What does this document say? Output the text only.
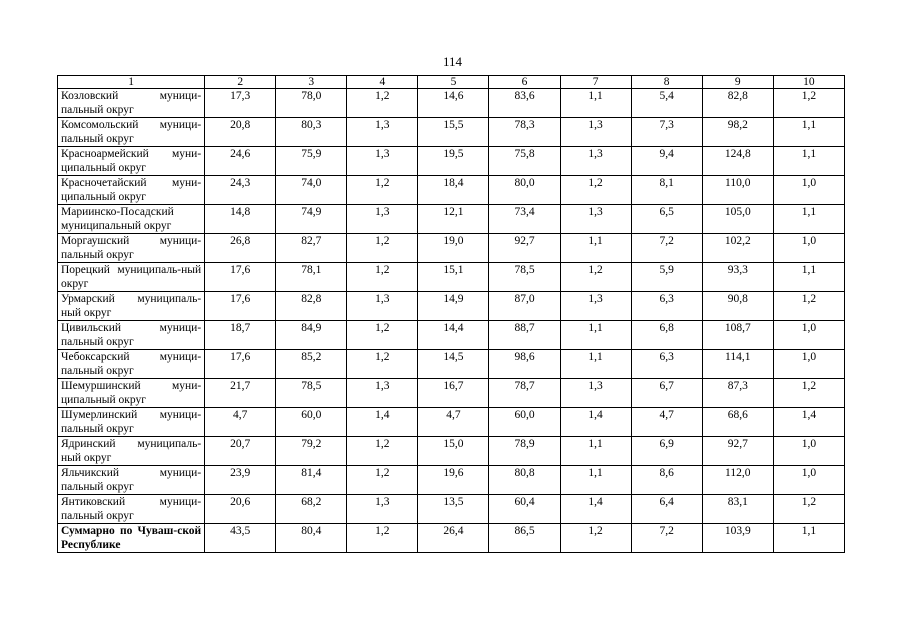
114
1	2	3	4	5	6	7	8	9	10
Козловский муници-пальный округ	17,3	78,0	1,2	14,6	83,6	1,1	5,4	82,8	1,2
Комсомольский муници-пальный округ	20,8	80,3	1,3	15,5	78,3	1,3	7,3	98,2	1,1
Красноармейский муни-ципальный округ	24,6	75,9	1,3	19,5	75,8	1,3	9,4	124,8	1,1
Красночетайский муни-ципальный округ	24,3	74,0	1,2	18,4	80,0	1,2	8,1	110,0	1,0
Мариинско-Посадский муниципальный округ	14,8	74,9	1,3	12,1	73,4	1,3	6,5	105,0	1,1
Моргаушский муници-пальный округ	26,8	82,7	1,2	19,0	92,7	1,1	7,2	102,2	1,0
Порецкий муниципаль-ный округ	17,6	78,1	1,2	15,1	78,5	1,2	5,9	93,3	1,1
Урмарский муниципаль-ный округ	17,6	82,8	1,3	14,9	87,0	1,3	6,3	90,8	1,2
Цивильский муници-пальный округ	18,7	84,9	1,2	14,4	88,7	1,1	6,8	108,7	1,0
Чебоксарский муници-пальный округ	17,6	85,2	1,2	14,5	98,6	1,1	6,3	114,1	1,0
Шемуршинский муни-ципальный округ	21,7	78,5	1,3	16,7	78,7	1,3	6,7	87,3	1,2
Шумерлинский муници-пальный округ	4,7	60,0	1,4	4,7	60,0	1,4	4,7	68,6	1,4
Ядринский муниципаль-ный округ	20,7	79,2	1,2	15,0	78,9	1,1	6,9	92,7	1,0
Яльчикский муници-пальный округ	23,9	81,4	1,2	19,6	80,8	1,1	8,6	112,0	1,0
Янтиковский муници-пальный округ	20,6	68,2	1,3	13,5	60,4	1,4	6,4	83,1	1,2
Суммарно по Чуваш-ской Республике	43,5	80,4	1,2	26,4	86,5	1,2	7,2	103,9	1,1
